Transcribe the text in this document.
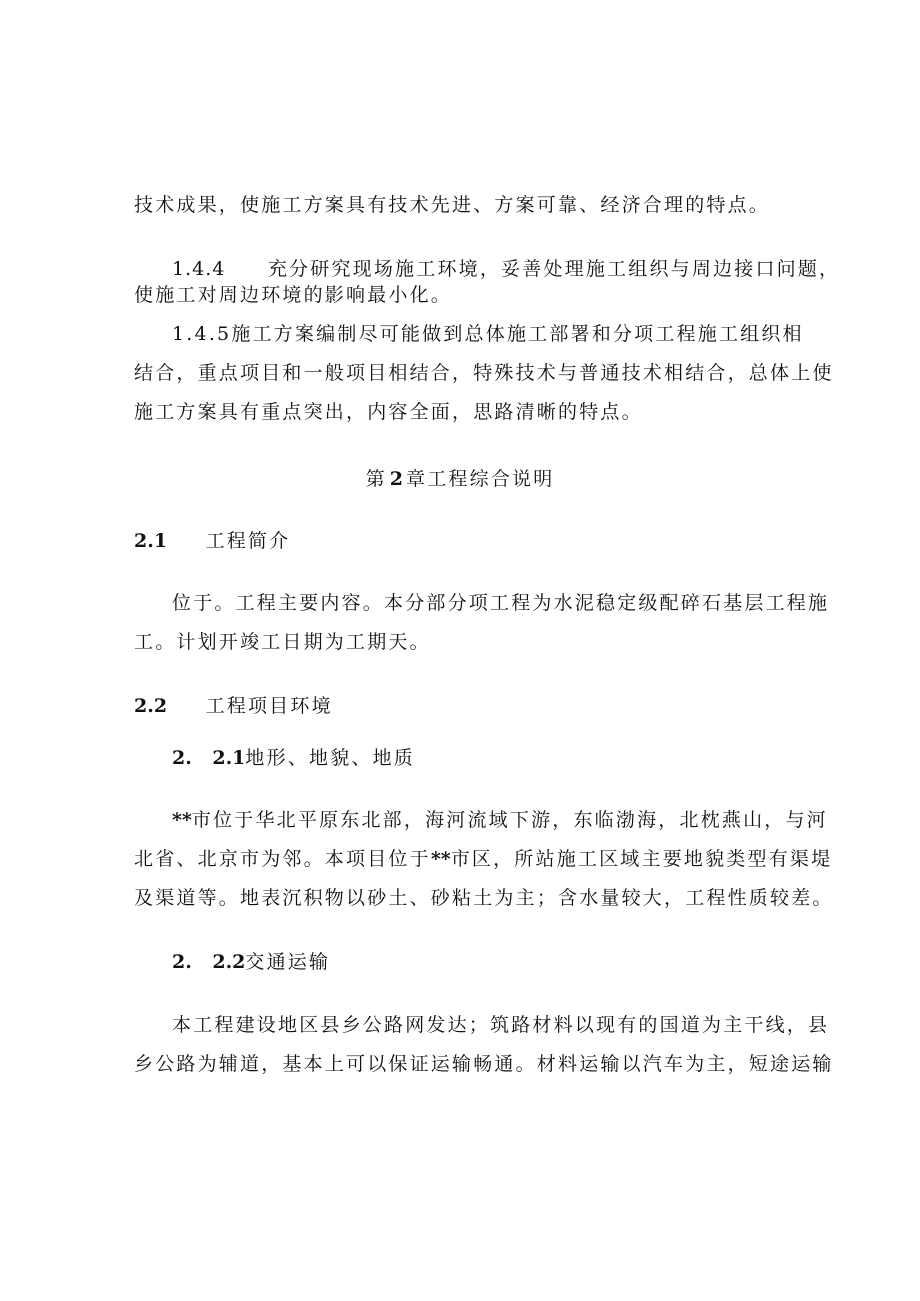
技术成果，使施工方案具有技术先进、方案可靠、经济合理的特点。
1.4.4 充分研究现场施工环境，妥善处理施工组织与周边接口问题，
使施工对周边环境的影响最小化。
1.4.5施工方案编制尽可能做到总体施工部署和分项工程施工组织相
结合，重点项目和一般项目相结合，特殊技术与普通技术相结合，总体上使
施工方案具有重点突出，内容全面，思路清晰的特点。
第 2 章工程综合说明
2.1 工程简介
位于。工程主要内容。本分部分项工程为水泥稳定级配碎石基层工程施
工。计划开竣工日期为工期天。
2.2 工程项目环境
2. 2.1地形、地貌、地质
**市位于华北平原东北部，海河流域下游，东临渤海，北枕燕山，与河
北省、北京市为邻。本项目位于**市区，所站施工区域主要地貌类型有渠堤
及渠道等。地表沉积物以砂土、砂粘土为主；含水量较大，工程性质较差。
2. 2.2交通运输
本工程建设地区县乡公路网发达；筑路材料以现有的国道为主干线，县
乡公路为辅道，基本上可以保证运输畅通。材料运输以汽车为主，短途运输
